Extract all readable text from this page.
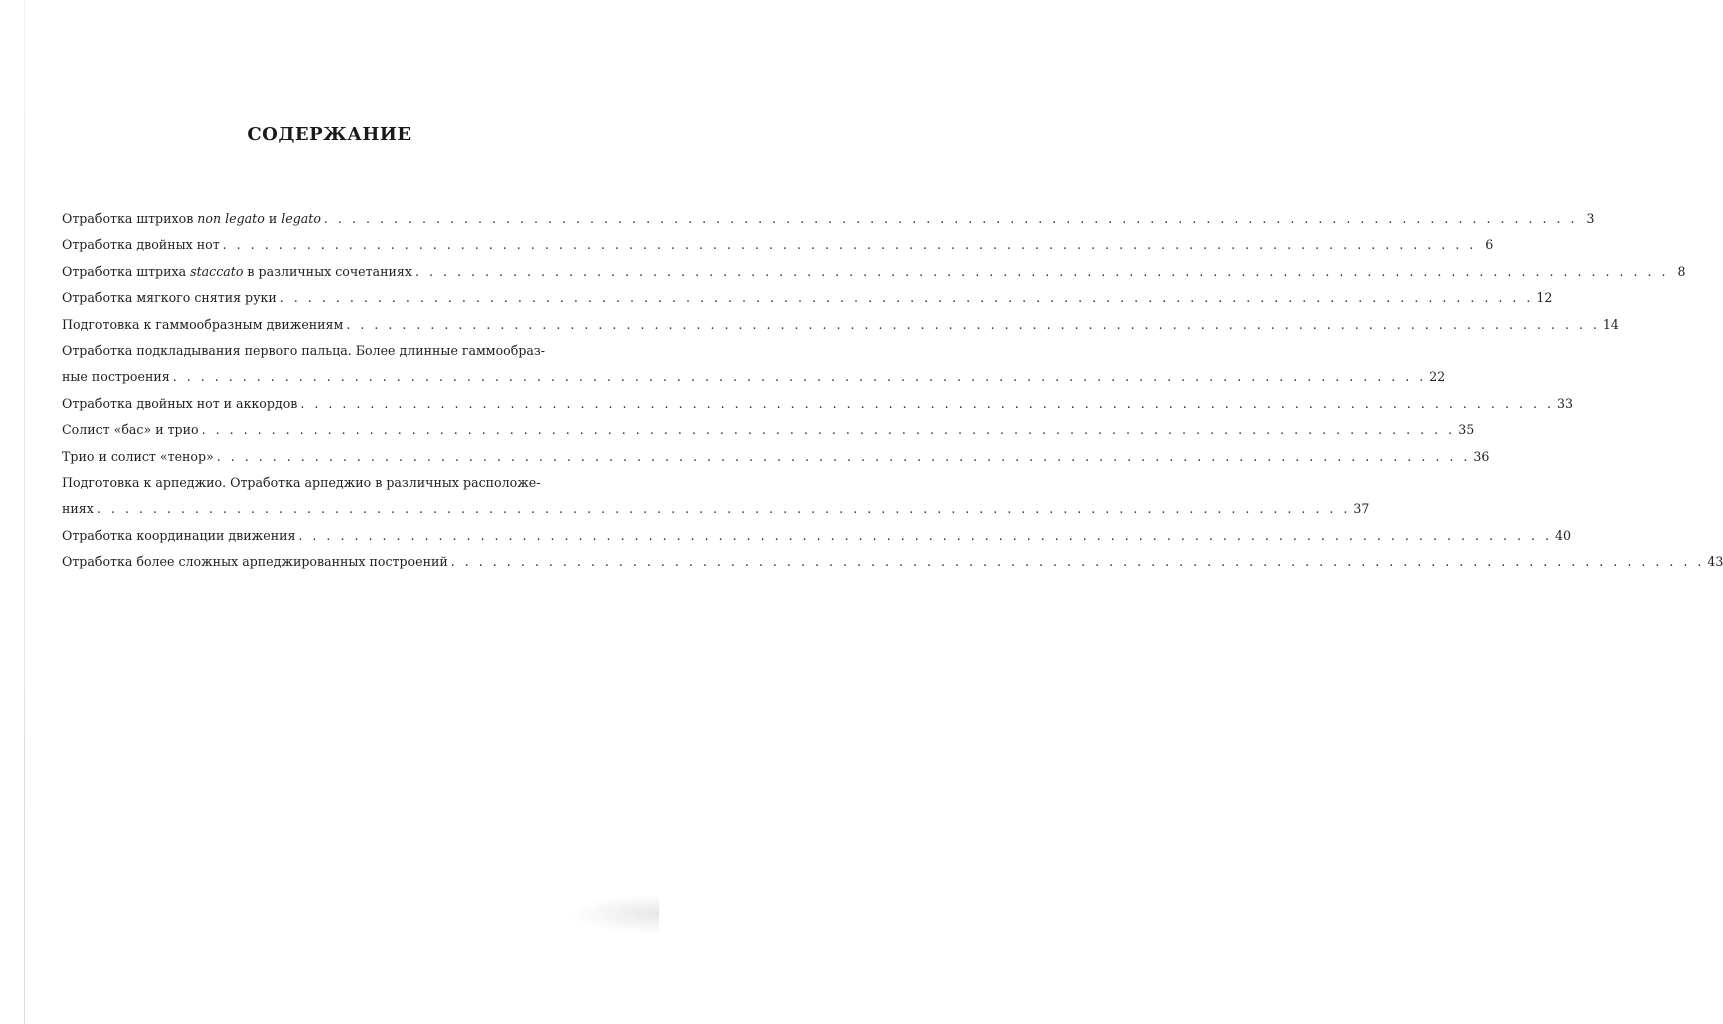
СОДЕРЖАНИЕ
Отработка штрихов non legato и legato . . . . . . . . . . . . . . . . . . . . . . . . . . . . . . . . . . . . . . . . . . . . . . . . . . . . . . . . . . . . . . . . . . . . . . . . . . . . . . . . . . . . . . . . . . 3
Отработка двойных нот . . . . . . . . . . . . . . . . . . . . . . . . . . . . . . . . . . . . . . . . . . . . . . . . . . . . . . . . . . . . . . . . . . . . . . . . . . . . . . . . . . . . . . . . . . 6
Отработка штриха staccato в различных сочетаниях . . . . . . . . . . . . . . . . . . . . . . . . . . . . . . . . . . . . . . . . . . . . . . . . . . . . . . . . . . . . . . . . . . . . . . . . . . . . . . . . . . . . . . . . . . 8
Отработка мягкого снятия руки . . . . . . . . . . . . . . . . . . . . . . . . . . . . . . . . . . . . . . . . . . . . . . . . . . . . . . . . . . . . . . . . . . . . . . . . . . . . . . . . . . . . . . . . . . 12
Подготовка к гаммообразным движениям . . . . . . . . . . . . . . . . . . . . . . . . . . . . . . . . . . . . . . . . . . . . . . . . . . . . . . . . . . . . . . . . . . . . . . . . . . . . . . . . . . . . . . . . . . 14
Отработка подкладывания первого пальца. Более длинные гаммообраз-
ные построения . . . . . . . . . . . . . . . . . . . . . . . . . . . . . . . . . . . . . . . . . . . . . . . . . . . . . . . . . . . . . . . . . . . . . . . . . . . . . . . . . . . . . . . . . . 22
Отработка двойных нот и аккордов . . . . . . . . . . . . . . . . . . . . . . . . . . . . . . . . . . . . . . . . . . . . . . . . . . . . . . . . . . . . . . . . . . . . . . . . . . . . . . . . . . . . . . . . . . 33
Солист «бас» и трио . . . . . . . . . . . . . . . . . . . . . . . . . . . . . . . . . . . . . . . . . . . . . . . . . . . . . . . . . . . . . . . . . . . . . . . . . . . . . . . . . . . . . . . . . . 35
Трио и солист «тенор» . . . . . . . . . . . . . . . . . . . . . . . . . . . . . . . . . . . . . . . . . . . . . . . . . . . . . . . . . . . . . . . . . . . . . . . . . . . . . . . . . . . . . . . . . . 36
Подготовка к арпеджио. Отработка арпеджио в различных расположе-
ниях . . . . . . . . . . . . . . . . . . . . . . . . . . . . . . . . . . . . . . . . . . . . . . . . . . . . . . . . . . . . . . . . . . . . . . . . . . . . . . . . . . . . . . . . . . 37
Отработка координации движения . . . . . . . . . . . . . . . . . . . . . . . . . . . . . . . . . . . . . . . . . . . . . . . . . . . . . . . . . . . . . . . . . . . . . . . . . . . . . . . . . . . . . . . . . . 40
Отработка более сложных арпеджированных построений . . . . . . . . . . . . . . . . . . . . . . . . . . . . . . . . . . . . . . . . . . . . . . . . . . . . . . . . . . . . . . . . . . . . . . . . . . . . . . . . . . . . . . . . . . 43
